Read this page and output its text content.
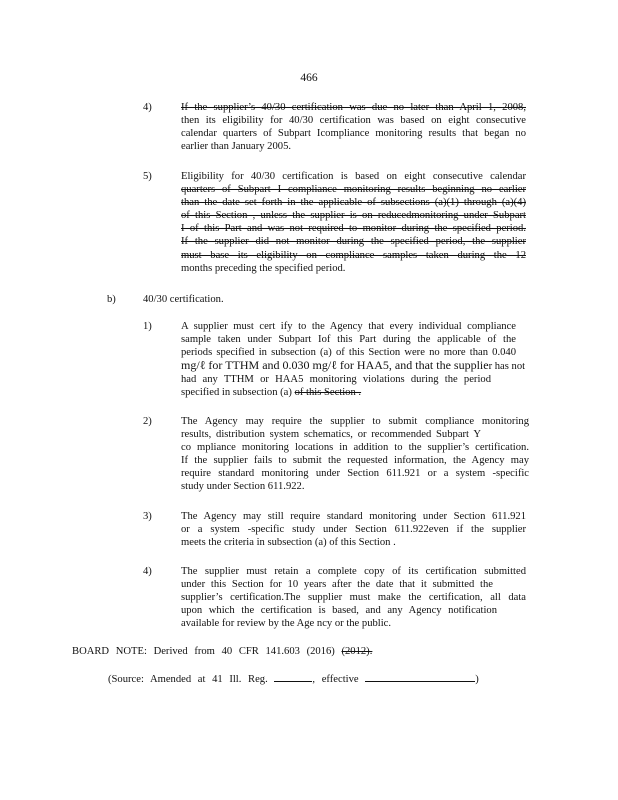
466
4)	If the supplier’s 40/30 certification was due no later than April 1, 2008,
then its eligibility for 40/30 certification was based on eight consecutive
calendar quarters of Subpart Icompliance monitoring results that began no
earlier than January 2005.
5)	Eligibility for 40/30 certification is based on eight consecutive calendar
quarters of Subpart I compliance monitoring results beginning no earlier
than the date set forth in the applicable of subsections (a)(1) through (a)(4)
of this Section , unless the supplier is on reducedmonitoring under Subpart
I of this Part and was not required to monitor during the specified period.
If the supplier did not monitor during the specified period, the supplier
must base its eligibility on compliance samples taken during the 12
months preceding the specified period.
b)	40/30 certification.
1)	A supplier must cert ify to the Agency that every individual compliance
sample taken under Subpart Iof this Part during the applicable of the
periods specified in subsection (a) of this Section were no more than 0.040
mg/ℓ for TTHM and 0.030 mg/ℓ for HAA5, and that the supplier has not
had any TTHM or HAA5 monitoring violations during the period
specified in subsection (a) of this Section .
2)	The Agency may require the supplier to submit compliance monitoring
results, distribution system schematics, or recommended Subpart Y
co mpliance monitoring locations in addition to the supplier’s certification.
If the supplier fails to submit the requested information, the Agency may
require standard monitoring under Section 611.921 or a system -specific
study under Section 611.922.
3)	The Agency may still require standard monitoring under Section 611.921
or a system -specific study under Section 611.922even if the supplier
meets the criteria in subsection (a) of this Section .
4)	The supplier must retain a complete copy of its certification submitted
under this Section for 10 years after the date that it submitted the
supplier’s certification.The supplier must make the certification, all data
upon which the certification is based, and any Agency notification
available for review by the Age ncy or the public.
BOARD NOTE: Derived from 40 CFR 141.603 (2016) (2012).
(Source: Amended at 41 Ill. Reg.	, effective	)
